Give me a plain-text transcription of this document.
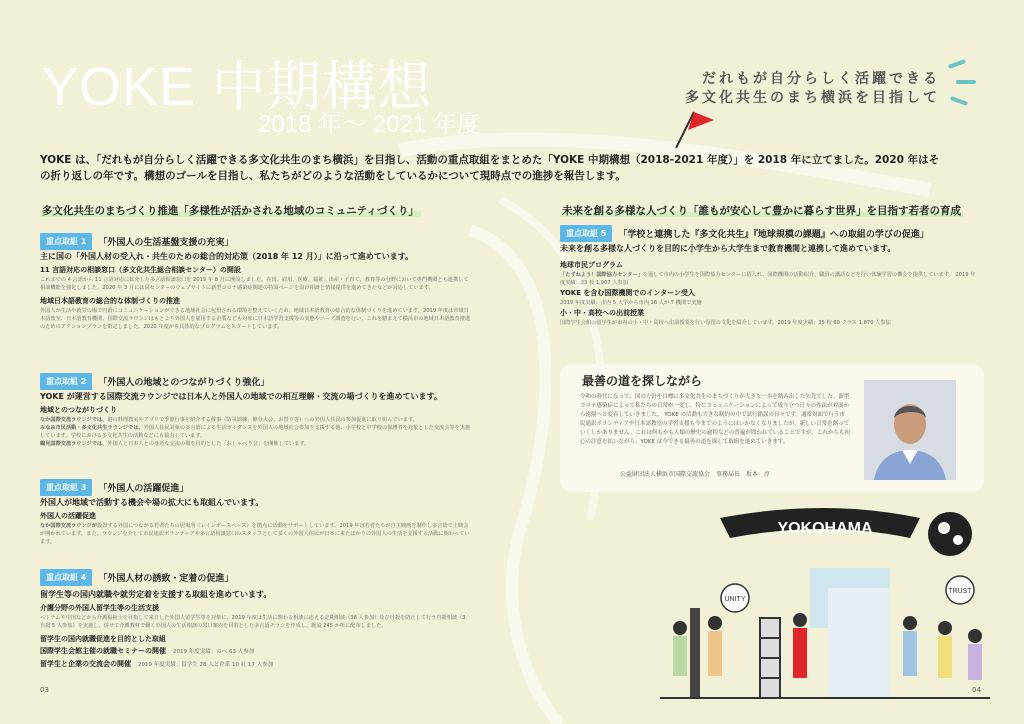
YOKE 中期構想
2018 年〜 2021 年度
だれもが自分らしく活躍できる
多文化共生のまち横浜を目指して
YOKE は、「だれもが自分らしく活躍できる多文化共生のまち横浜」を目指し、活動の重点取組をまとめた「YOKE 中期構想（2018-2021 年度）」を 2018 年に立てました。2020 年はその折り返しの年です。構想のゴールを目指し、私たちがどのような活動をしているかについて現時点での進捗を報告します。
多文化共生のまちづくり推進「多様性が活かされる地域のコミュニティづくり」
重点取組 1	「外国人の生活基盤支援の充実」
主に国の「外国人材の受入れ・共生のための総合的対応策（2018 年 12 月）」に沿って進めています。
11 言語対応の相談窓口（多文化共生総合相談センター）の開設
これまでの 4 言語から 11 言語対応に拡充した多言語相談窓口を 2019 年 8 月に開設しました。在留、雇用、医療、福祉、出産・子育て、教育等の分野において専門機関とも連携して相談機能を強化しました。2020 年 3 月には同センターのウェブサイトに新型コロナ感染症関連の特設ページを設け相談と情報提供を進めてきたなどが対応しています。
地域日本語教育の総合的な体制づくりの推進
外国人が生活や就労の場で円滑にコミュニケーションができる地域社会に包摂される環境を整えていくため、地域日本語教育の総合的な体制づくりを進めています。2019 年度は市域日本語教室、日本語教育機関、国際交流ラウンジはもとより外国人を雇用する企業なども対象に日本語学習支援等の実態やニーズ調査を行い、これを踏まえて横浜市の地域日本語教育推進のためのアクションプランを策定しました。2020 年度から具体的なプログラムをスタートしています。
重点取組 2	「外国人の地域とのつながりづくり強化」
YOKE が運営する国際交流ラウンジでは日本人と外国人の地域での相互理解・交流の場づくりを進めています。
地域とのつながりづくり
なか国際交流ラウンジでは、港の料理教室やアプリで季節行事を紹介する催事（防災訓練、節分大会、お祭り等）への外国人住民の参加促進に取り組んでいます。
みなみ市民活動・多文化共生ラウンジでは、外国人住民対象の多言語による生活ガイダンスを外国人の地域社会参加を支援する他、小学校と中学校の保護者を対象とした交流会等を実施しています。学校における多文化共生の活動などにも協力しています。
鶴見国際交流ラウンジでは、外国人と日本人との身近な交流の場を目的とした「おしゃべり会」を開催しています。
重点取組 3	「外国人の活躍促進」
外国人が地域で活動する機会や場の拡大にも取組んでいます。
外国人の活躍促進
なか国際交流ラウンジが設置する外国につながる若者たちの居場所（レインボースペース）を拠点に活動をサポートしています。2019 年は若者たちが自主映画を制作し多言語で上映会が開かれています。また、ラウンジを介して市民通訳ボランティアや多言語相談窓口のスタッフとして多くの外国人住民が日本に来たばかりの外国人の生活を支援する活動に関わっています。
重点取組 4	「外国人材の誘致・定着の促進」
留学生等の国内就職や就労定着を支援する取組を進めています。
介護分野の外国人留学生等の生活支援
ベトナムや中国などから介護福祉士を目指して来日した外国人留学生等を対象に、2019 年度は生活に関わる相談に応える定期相談（38 人参加）及び自殺を防止して行う自殺相談（3 自殺 5 人参加）を実施し、併せて介護教材で働く外国人の生活相談の窓口案内を目的とした多言語チラシを作成し、施設 245 か所に配布しました。
留学生の国内就職促進を目的とした取組
国際学生会館主催の就職セミナーの開催　 2019 年度実績：のべ 63 人参加
留学生と企業の交流会の開催　 2019 年度実績：留学生 28 人と企業 10 社 17 人参加
03
未来を創る多様な人づくり「誰もが安心して豊かに暮らす世界」を目指す若者の育成
重点取組 5	「学校と連携した『多文化共生』『地球規模の課題』への取組の学びの促進」
未来を創る多様な人づくりを目的に小学生から大学生まで教育機関と連携して進めています。
地球市民プログラム
「たずねよう！国際協力センター」を通して市内の小学生を国際協力センターに招入れ、国際機関の活動紹介、職員の講話などを行い体験学習の機会を提供しています。 2019 年度実績：23 校 1,907 人参加
YOKE を含む国際機関でのインターン受入
2019 年度実績：市内 5 大学から市内 16 人が 7 機関で実施
小・中・高校への出前授業
国際学生会館の留学生が市内の小・中・高校へ出前授業を行い母国の文化を紹介しています。2019 年度実績：35 校 60 クラス 1,870 人参加
最善の道を探しながら
令和の時代になって、国の方針を目標に多文化共生のまちづくりが大きな一歩を踏み出した矢先でした。新型コロナ感染症によって私たちの日常が一変し、特にコミュニケーションによって成り立つ日々の作法が対面から遠隔へと変容していきました。 YOKE の活動も大きな制約の中で試行錯誤の日々です。通常対面で行う市民通訳ボランティアや日本語教室の学習支援も今までのようにはいかなくなりましたが、新しい日常を創っていくしかありません。これは何もかも人類の歴史の過程などの普遍が問われていることですが、これからも初心の注意を払いながら、YOKE は今できる最善の道を探して取組を進めていきます。
公益財団法人横浜市国際交流協会　事務局長　坂本　淳
YOKOHAMA
UNITY
TRUST
04
